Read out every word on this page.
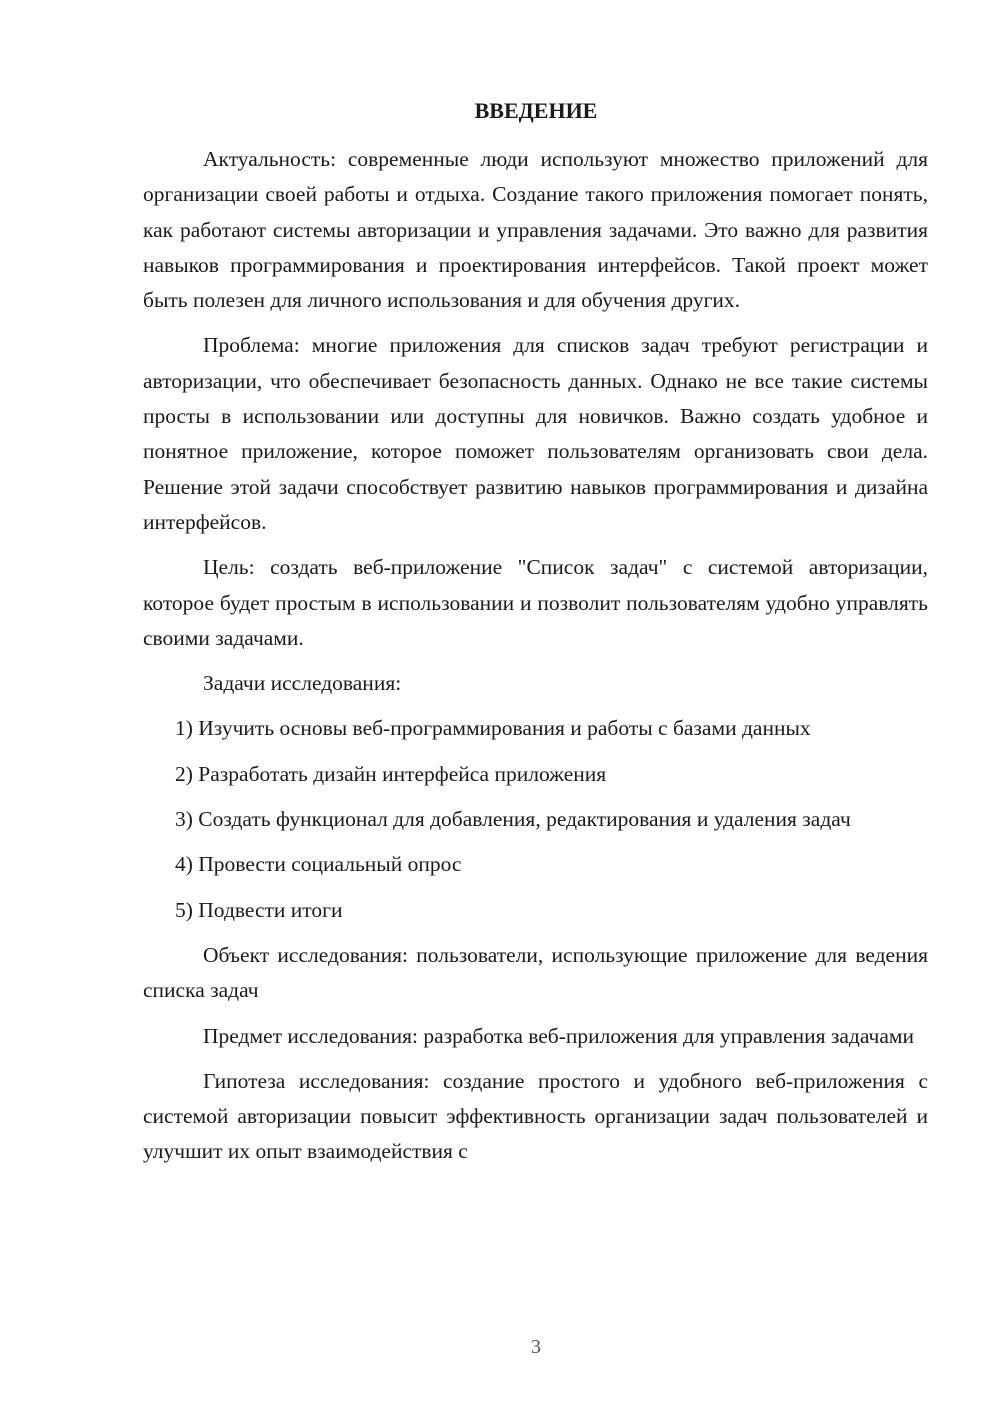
ВВЕДЕНИЕ

Актуальность: современные люди используют множество приложений для организации своей работы и отдыха. Создание такого приложения помогает понять, как работают системы авторизации и управления задачами. Это важно для развития навыков программирования и проектирования интерфейсов. Такой проект может быть полезен для личного использования и для обучения других.

Проблема: многие приложения для списков задач требуют регистрации и авторизации, что обеспечивает безопасность данных. Однако не все такие системы просты в использовании или доступны для новичков. Важно создать удобное и понятное приложение, которое поможет пользователям организовать свои дела. Решение этой задачи способствует развитию навыков программирования и дизайна интерфейсов.

Цель: создать веб-приложение "Список задач" с системой авторизации, которое будет простым в использовании и позволит пользователям удобно управлять своими задачами.

Задачи исследования:

1) Изучить основы веб-программирования и работы с базами данных

2) Разработать дизайн интерфейса приложения

3) Создать функционал для добавления, редактирования и удаления задач

4) Провести социальный опрос

5) Подвести итоги

Объект исследования: пользователи, использующие приложение для ведения списка задач

Предмет исследования: разработка веб-приложения для управления задачами

Гипотеза исследования: создание простого и удобного веб-приложения с системой авторизации повысит эффективность организации задач пользователей и улучшит их опыт взаимодействия с

3
